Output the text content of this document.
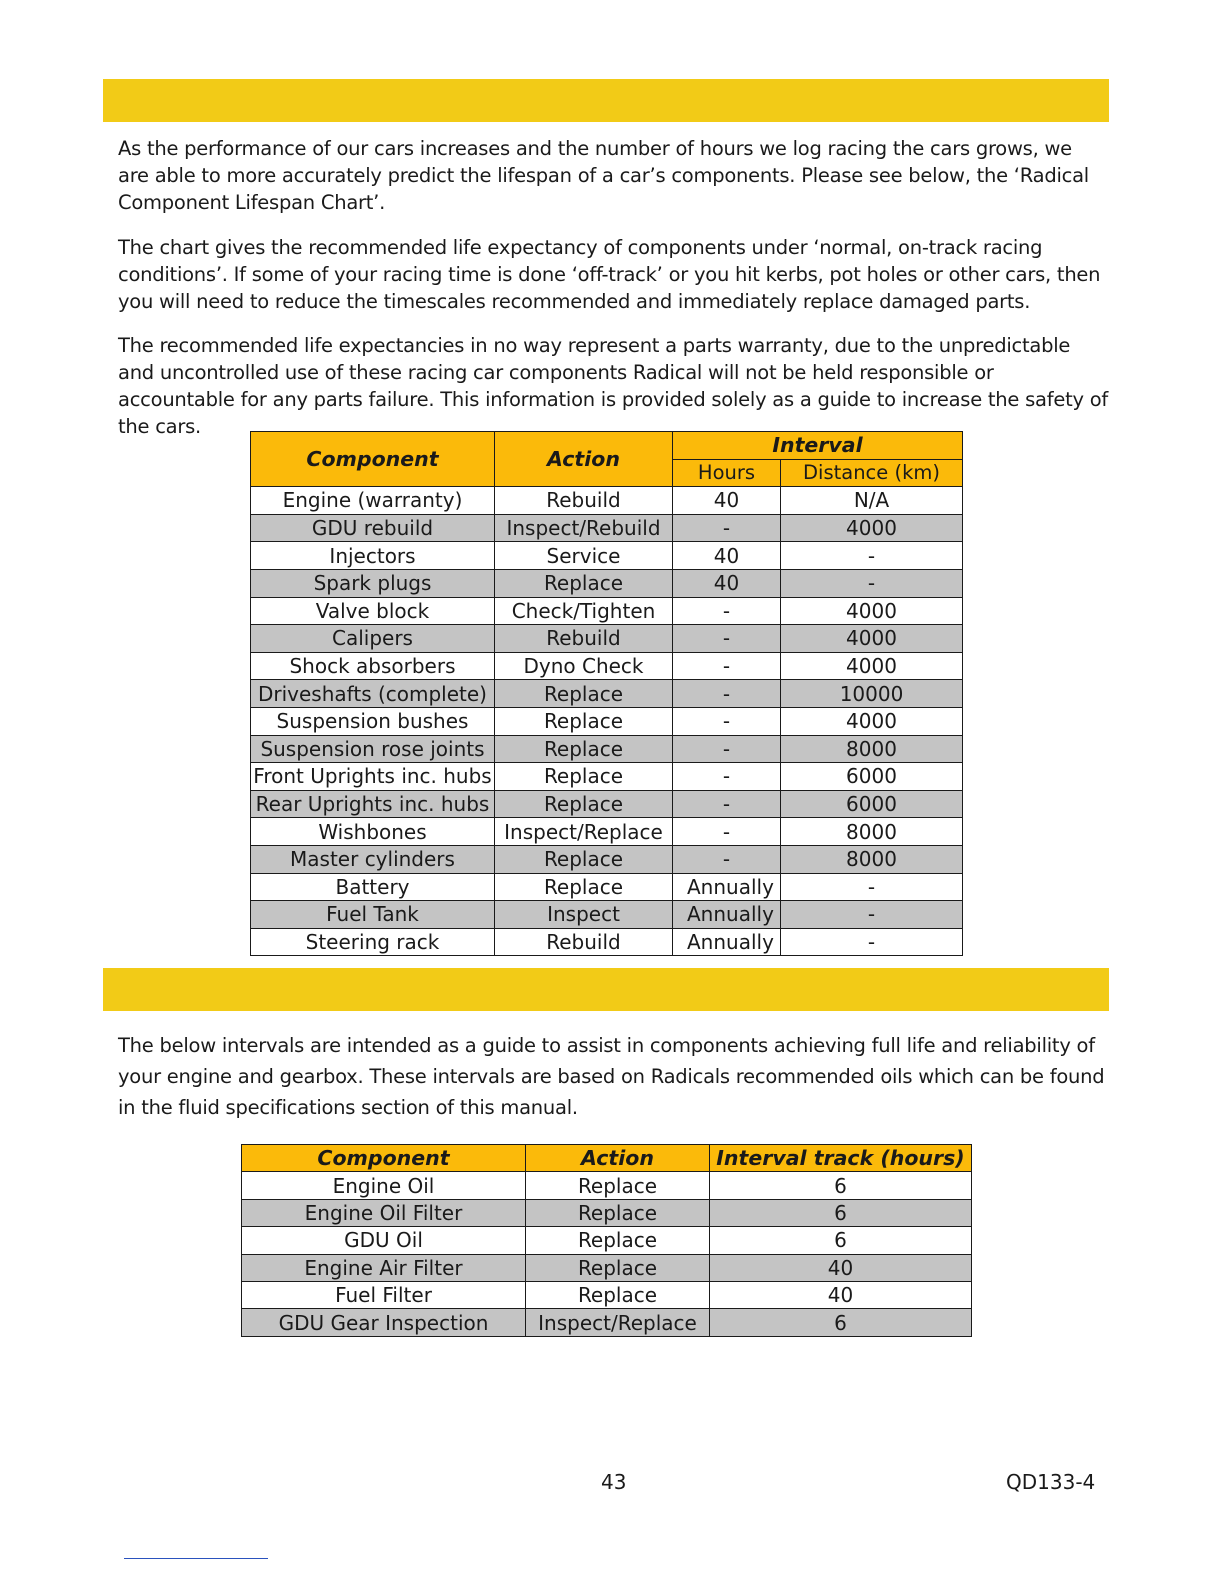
As the performance of our cars increases and the number of hours we log racing the cars grows, we are able to more accurately predict the lifespan of a car’s components. Please see below, the ‘Radical Component Lifespan Chart’.

The chart gives the recommended life expectancy of components under ‘normal, on-track racing conditions’. If some of your racing time is done ‘off-track’ or you hit kerbs, pot holes or other cars, then you will need to reduce the timescales recommended and immediately replace damaged parts.

The recommended life expectancies in no way represent a parts warranty, due to the unpredictable and uncontrolled use of these racing car components Radical will not be held responsible or accountable for any parts failure. This information is provided solely as a guide to increase the safety of the cars.

Component	Action	Interval	
		Hours	Distance (km)
Engine (warranty)	Rebuild	40	N/A
GDU rebuild	Inspect/Rebuild	-	4000
Injectors	Service	40	-
Spark plugs	Replace	40	-
Valve block	Check/Tighten	-	4000
Calipers	Rebuild	-	4000
Shock absorbers	Dyno Check	-	4000
Driveshafts (complete)	Replace	-	10000
Suspension bushes	Replace	-	4000
Suspension rose joints	Replace	-	8000
Front Uprights inc. hubs	Replace	-	6000
Rear Uprights inc. hubs	Replace	-	6000
Wishbones	Inspect/Replace	-	8000
Master cylinders	Replace	-	8000
Battery	Replace	Annually	-
Fuel Tank	Inspect	Annually	-
Steering rack	Rebuild	Annually	-

The below intervals are intended as a guide to assist in components achieving full life and reliability of your engine and gearbox. These intervals are based on Radicals recommended oils which can be found in the fluid specifications section of this manual.

Component	Action	Interval track (hours)
Engine Oil	Replace	6
Engine Oil Filter	Replace	6
GDU Oil	Replace	6
Engine Air Filter	Replace	40
Fuel Filter	Replace	40
GDU Gear Inspection	Inspect/Replace	6
43	QD133-4
